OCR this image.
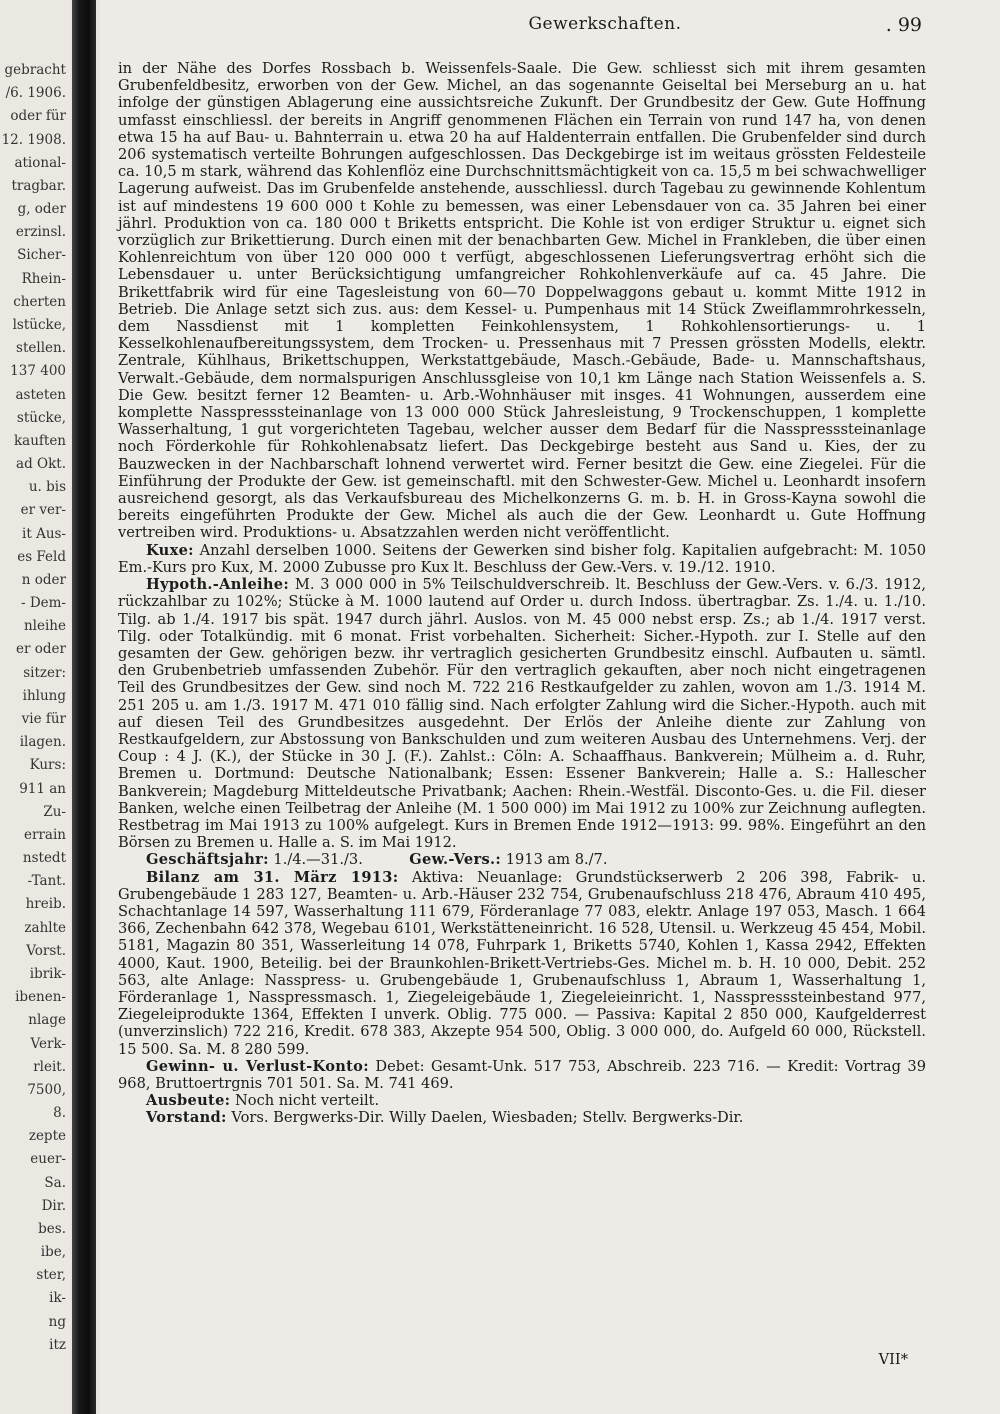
gebracht
/6. 1906.
oder für
12. 1908.
ational-
tragbar.
g, oder
erzinsl.
Sicher-
Rhein-
cherten
lstücke,
stellen.
137 400
asteten
stücke,
kauften
ad Okt.
u. bis
er ver-
it Aus-
es Feld
n oder
- Dem-
nleihe
er oder
sitzer:
ihlung
vie für
ilagen.
Kurs:
911 an
Zu-
errain
nstedt
-Tant.
hreib.
zahlte
Vorst.
ibrik-
ibenen-
nlage
Verk-
rleit.
7500,
8.
zepte
euer-
Sa.
Dir.
bes.
ibe,
ster,
ik-
ng
itz
Gewerkschaften.	. 99

in der Nähe des Dorfes Rossbach b. Weissenfels-Saale. Die Gew. schliesst sich mit ihrem gesamten Grubenfeldbesitz, erworben von der Gew. Michel, an das sogenannte Geiseltal bei Merseburg an u. hat infolge der günstigen Ablagerung eine aussichtsreiche Zukunft. Der Grundbesitz der Gew. Gute Hoffnung umfasst einschliessl. der bereits in Angriff genommenen Flächen ein Terrain von rund 147 ha, von denen etwa 15 ha auf Bau- u. Bahnterrain u. etwa 20 ha auf Haldenterrain entfallen. Die Grubenfelder sind durch 206 systematisch verteilte Bohrungen aufgeschlossen. Das Deckgebirge ist im weitaus grössten Feldesteile ca. 10,5 m stark, während das Kohlenflöz eine Durchschnittsmächtigkeit von ca. 15,5 m bei schwachwelliger Lagerung aufweist. Das im Grubenfelde anstehende, ausschliessl. durch Tagebau zu gewinnende Kohlentum ist auf mindestens 19 600 000 t Kohle zu bemessen, was einer Lebensdauer von ca. 35 Jahren bei einer jährl. Produktion von ca. 180 000 t Briketts entspricht. Die Kohle ist von erdiger Struktur u. eignet sich vorzüglich zur Brikettierung. Durch einen mit der benachbarten Gew. Michel in Frankleben, die über einen Kohlenreichtum von über 120 000 000 t verfügt, abgeschlossenen Lieferungsvertrag erhöht sich die Lebensdauer u. unter Berücksichtigung umfangreicher Rohkohlenverkäufe auf ca. 45 Jahre. Die Brikettfabrik wird für eine Tagesleistung von 60—70 Doppelwaggons gebaut u. kommt Mitte 1912 in Betrieb. Die Anlage setzt sich zus. aus: dem Kessel- u. Pumpenhaus mit 14 Stück Zweiflammrohrkesseln, dem Nassdienst mit 1 kompletten Feinkohlensystem, 1 Rohkohlensortierungs- u. 1 Kesselkohlenaufbereitungssystem, dem Trocken- u. Pressenhaus mit 7 Pressen grössten Modells, elektr. Zentrale, Kühlhaus, Brikettschuppen, Werkstattgebäude, Masch.-Gebäude, Bade- u. Mannschaftshaus, Verwalt.-Gebäude, dem normalspurigen Anschlussgleise von 10,1 km Länge nach Station Weissenfels a. S. Die Gew. besitzt ferner 12 Beamten- u. Arb.-Wohnhäuser mit insges. 41 Wohnungen, ausserdem eine komplette Nasspresssteinanlage von 13 000 000 Stück Jahresleistung, 9 Trockenschuppen, 1 komplette Wasserhaltung, 1 gut vorgerichteten Tagebau, welcher ausser dem Bedarf für die Nasspresssteinanlage noch Förderkohle für Rohkohlenabsatz liefert. Das Deckgebirge besteht aus Sand u. Kies, der zu Bauzwecken in der Nachbarschaft lohnend verwertet wird. Ferner besitzt die Gew. eine Ziegelei. Für die Einführung der Produkte der Gew. ist gemeinschaftl. mit den Schwester-Gew. Michel u. Leonhardt insofern ausreichend gesorgt, als das Verkaufsbureau des Michelkonzerns G. m. b. H. in Gross-Kayna sowohl die bereits eingeführten Produkte der Gew. Michel als auch die der Gew. Leonhardt u. Gute Hoffnung vertreiben wird. Produktions- u. Absatzzahlen werden nicht veröffentlicht.

Kuxe: Anzahl derselben 1000. Seitens der Gewerken sind bisher folg. Kapitalien aufgebracht: M. 1050 Em.-Kurs pro Kux, M. 2000 Zubusse pro Kux lt. Beschluss der Gew.-Vers. v. 19./12. 1910.

Hypoth.-Anleihe: M. 3 000 000 in 5% Teilschuldverschreib. lt. Beschluss der Gew.-Vers. v. 6./3. 1912, rückzahlbar zu 102%; Stücke à M. 1000 lautend auf Order u. durch Indoss. übertragbar. Zs. 1./4. u. 1./10. Tilg. ab 1./4. 1917 bis spät. 1947 durch jährl. Auslos. von M. 45 000 nebst ersp. Zs.; ab 1./4. 1917 verst. Tilg. oder Totalkündig. mit 6 monat. Frist vorbehalten. Sicherheit: Sicher.-Hypoth. zur I. Stelle auf den gesamten der Gew. gehörigen bezw. ihr vertraglich gesicherten Grundbesitz einschl. Aufbauten u. sämtl. den Grubenbetrieb umfassenden Zubehör. Für den vertraglich gekauften, aber noch nicht eingetragenen Teil des Grundbesitzes der Gew. sind noch M. 722 216 Restkaufgelder zu zahlen, wovon am 1./3. 1914 M. 251 205 u. am 1./3. 1917 M. 471 010 fällig sind. Nach erfolgter Zahlung wird die Sicher.-Hypoth. auch mit auf diesen Teil des Grundbesitzes ausgedehnt. Der Erlös der Anleihe diente zur Zahlung von Restkaufgeldern, zur Abstossung von Bankschulden und zum weiteren Ausbau des Unternehmens. Verj. der Coup : 4 J. (K.), der Stücke in 30 J. (F.). Zahlst.: Cöln: A. Schaaffhaus. Bankverein; Mülheim a. d. Ruhr, Bremen u. Dortmund: Deutsche Nationalbank; Essen: Essener Bankverein; Halle a. S.: Hallescher Bankverein; Magdeburg Mitteldeutsche Privatbank; Aachen: Rhein.-Westfäl. Disconto-Ges. u. die Fil. dieser Banken, welche einen Teilbetrag der Anleihe (M. 1 500 000) im Mai 1912 zu 100% zur Zeichnung auflegten. Restbetrag im Mai 1913 zu 100% aufgelegt. Kurs in Bremen Ende 1912—1913: 99. 98%. Eingeführt an den Börsen zu Bremen u. Halle a. S. im Mai 1912.

Geschäftsjahr: 1./4.—31./3.	Gew.-Vers.: 1913 am 8./7.

Bilanz am 31. März 1913: Aktiva: Neuanlage: Grundstückserwerb 2 206 398, Fabrik- u. Grubengebäude 1 283 127, Beamten- u. Arb.-Häuser 232 754, Grubenaufschluss 218 476, Abraum 410 495, Schachtanlage 14 597, Wasserhaltung 111 679, Förderanlage 77 083, elektr. Anlage 197 053, Masch. 1 664 366, Zechenbahn 642 378, Wegebau 6101, Werkstätteneinricht. 16 528, Utensil. u. Werkzeug 45 454, Mobil. 5181, Magazin 80 351, Wasserleitung 14 078, Fuhrpark 1, Briketts 5740, Kohlen 1, Kassa 2942, Effekten 4000, Kaut. 1900, Beteilig. bei der Braunkohlen-Brikett-Vertriebs-Ges. Michel m. b. H. 10 000, Debit. 252 563, alte Anlage: Nasspress- u. Grubengebäude 1, Grubenaufschluss 1, Abraum 1, Wasserhaltung 1, Förderanlage 1, Nasspressmasch. 1, Ziegeleigebäude 1, Ziegeleieinricht. 1, Nasspresssteinbestand 977, Ziegeleiprodukte 1364, Effekten I unverk. Oblig. 775 000. — Passiva: Kapital 2 850 000, Kaufgelderrest (unverzinslich) 722 216, Kredit. 678 383, Akzepte 954 500, Oblig. 3 000 000, do. Aufgeld 60 000, Rückstell. 15 500. Sa. M. 8 280 599.

Gewinn- u. Verlust-Konto: Debet: Gesamt-Unk. 517 753, Abschreib. 223 716. — Kredit: Vortrag 39 968, Bruttoertrgnis 701 501. Sa. M. 741 469.

Ausbeute: Noch nicht verteilt.

Vorstand: Vors. Bergwerks-Dir. Willy Daelen, Wiesbaden; Stellv. Bergwerks-Dir.

VII*
